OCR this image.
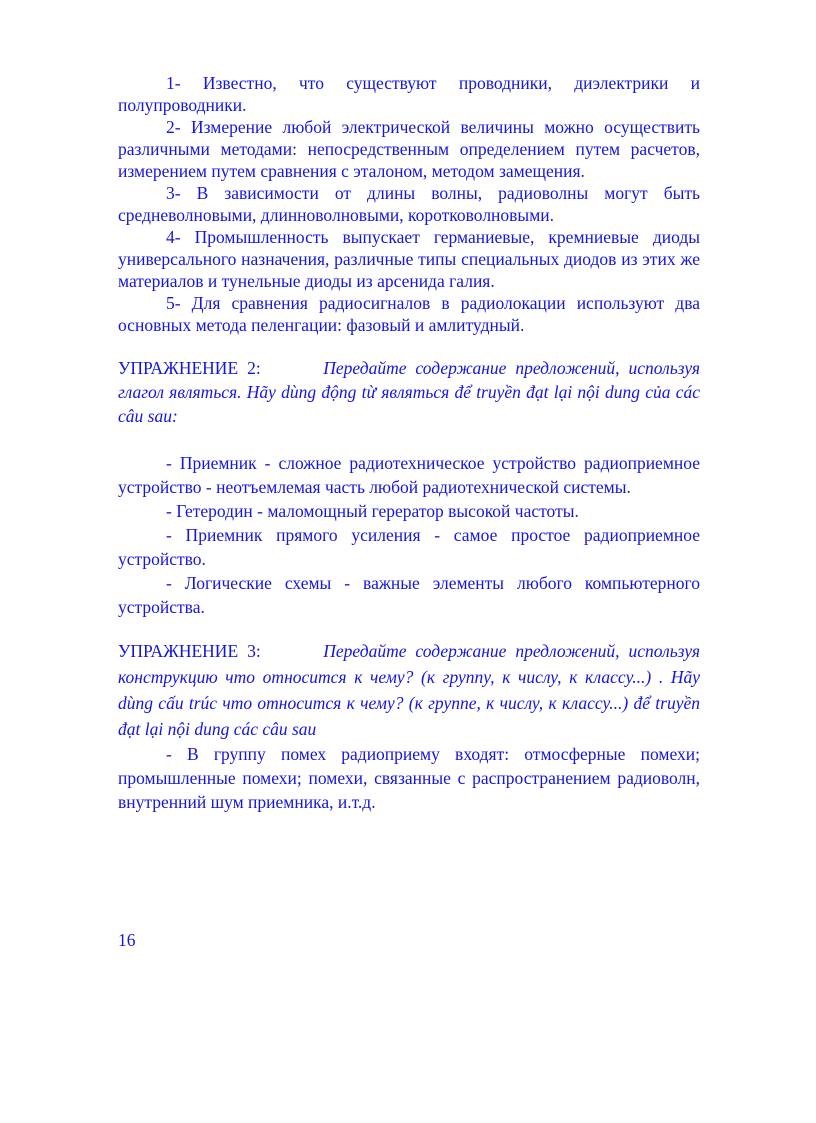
1- Известно, что существуют проводники, диэлектрики и полупроводники.

2- Измерение любой электрической величины можно осуществить различными методами: непосредственным определением путем расчетов, измерением путем сравнения с эталоном, методом замещения.

3- В зависимости от длины волны, радиоволны могут быть средневолновыми, длинноволновыми, коротковолновыми.

4- Промышленность выпускает германиевые, кремниевые диоды универсального назначения, различные типы специальных диодов из этих же материалов и тунельные диоды из арсенида галия.

5- Для сравнения радиосигналов в радиолокации используют два основных метода пеленгации: фазовый и амлитудный.

УПРАЖНЕНИЕ 2:	Передайте содержание предложений, используя глагол являться. Hãy dùng động từ являться để truyền đạt lại nội dung của các câu sau:

- Приемник - сложное радиотехническое устройство радиоприемное устройство - неотъемлемая часть любой радиотехнической системы.

- Гетеродин - маломощный гереpатор высокой частоты.

- Приемник прямого усиления - самое простое радиоприемное устройство.

- Логические схемы - важные элементы любого компьютерного устройства.

УПРАЖНЕНИЕ 3:	Передайте содержание предложений, используя конструкцию что относится к чему? (к группу, к числу, к классу...) . Hãy dùng cấu trúc что относится к чему? (к группе, к числу, к классу...) để truyền đạt lại nội dung các câu sau

- В группу помех радиоприему входят: отмосферные помехи; промышленные помехи; помехи, связанные с распространением радиоволн, внутренний шум приемника, и.т.д.

16
